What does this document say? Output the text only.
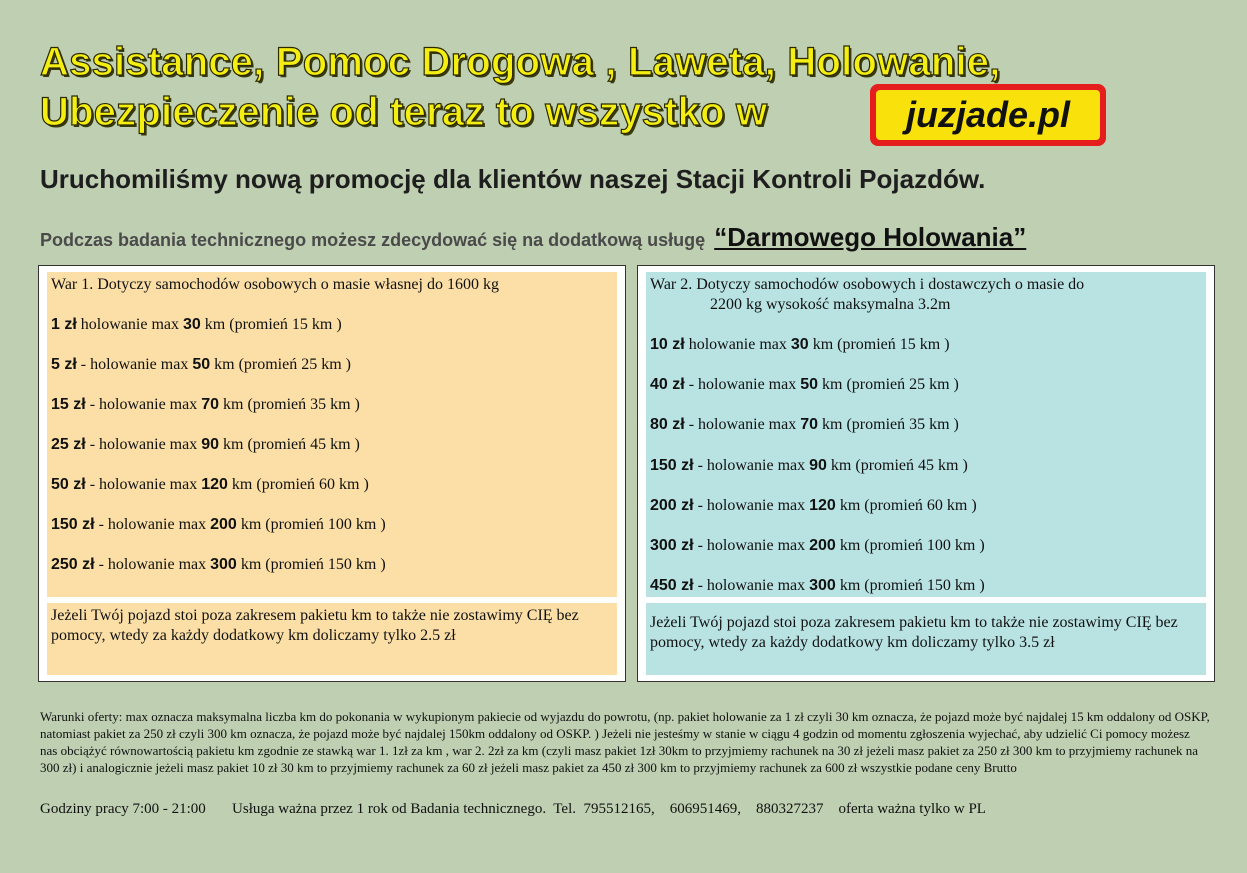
Assistance, Pomoc Drogowa , Laweta, Holowanie,
Ubezpieczenie od teraz to wszystko w	juzjade.pl
Uruchomiliśmy nową promocję dla klientów naszej Stacji Kontroli Pojazdów.
Podczas badania technicznego możesz zdecydować się na dodatkową usługę “Darmowego Holowania”
War 1. Dotyczy samochodów osobowych o masie własnej do 1600 kg
1 zł holowanie max 30 km (promień 15 km )
5 zł - holowanie max 50 km (promień 25 km )
15 zł - holowanie max 70 km (promień 35 km )
25 zł - holowanie max 90 km (promień 45 km )
50 zł - holowanie max 120 km (promień 60 km )
150 zł - holowanie max 200 km (promień 100 km )
250 zł - holowanie max 300 km (promień 150 km )
Jeżeli Twój pojazd stoi poza zakresem pakietu km to także nie zostawimy CIĘ bez pomocy, wtedy za każdy dodatkowy km doliczamy tylko 2.5 zł
War 2. Dotyczy samochodów osobowych i dostawczych o masie do
2200 kg wysokość maksymalna 3.2m
10 zł holowanie max 30 km (promień 15 km )
40 zł - holowanie max 50 km (promień 25 km )
80 zł - holowanie max 70 km (promień 35 km )
150 zł - holowanie max 90 km (promień 45 km )
200 zł - holowanie max 120 km (promień 60 km )
300 zł - holowanie max 200 km (promień 100 km )
450 zł - holowanie max 300 km (promień 150 km )
Jeżeli Twój pojazd stoi poza zakresem pakietu km to także nie zostawimy CIĘ bez pomocy, wtedy za każdy dodatkowy km doliczamy tylko 3.5 zł
Warunki oferty: max oznacza maksymalna liczba km do pokonania w wykupionym pakiecie od wyjazdu do powrotu, (np. pakiet holowanie za 1 zł czyli 30 km oznacza, że pojazd może być najdalej 15 km oddalony od OSKP, natomiast pakiet za 250 zł czyli 300 km oznacza, że pojazd może być najdalej 150km oddalony od OSKP. ) Jeżeli nie jesteśmy w stanie w ciągu 4 godzin od momentu zgłoszenia wyjechać, aby udzielić Ci pomocy możesz nas obciążyć równowartością pakietu km zgodnie ze stawką war 1. 1zł za km , war 2. 2zł za km (czyli masz pakiet 1zł 30km to przyjmiemy rachunek na 30 zł jeżeli masz pakiet za 250 zł 300 km to przyjmiemy rachunek na 300 zł) i analogicznie jeżeli masz pakiet 10 zł 30 km to przyjmiemy rachunek za 60 zł jeżeli masz pakiet za 450 zł 300 km to przyjmiemy rachunek za 600 zł wszystkie podane ceny Brutto
Godziny pracy 7:00 - 21:00       Usługa ważna przez 1 rok od Badania technicznego.  Tel.  795512165,    606951469,    880327237    oferta ważna tylko w PL
